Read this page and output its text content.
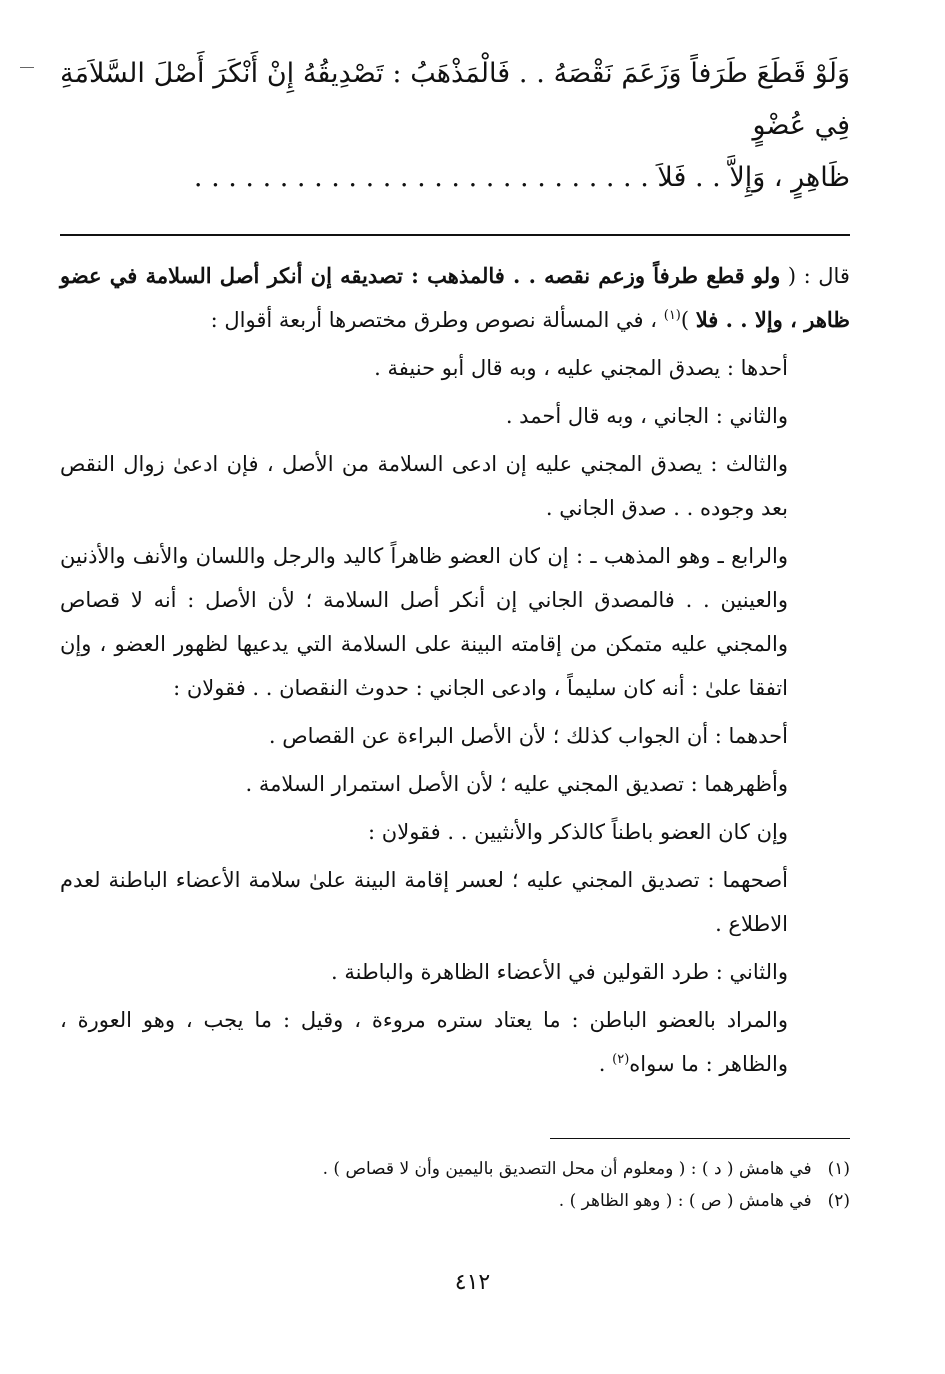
وَلَوْ قَطَعَ طَرَفاً وَزَعَمَ نَقْصَهُ . . فَالْمَذْهَبُ : تَصْدِيقُهُ إِنْ أَنْكَرَ أَصْلَ السَّلاَمَةِ فِي عُضْوٍ
ظَاهِرٍ ، وَإِلاَّ . . فَلاَ . . . . . . . . . . . . . . . . . . . . . . . . . . .

قال : ( ولو قطع طرفاً وزعم نقصه . . فالمذهب : تصديقه إن أنكر أصل السلامة في عضو ظاهر ، وإلا . . فلا )$^{(١)}$ ، في المسألة نصوص وطرق مختصرها أربعة أقوال :

أحدها : يصدق المجني عليه ، وبه قال أبو حنيفة .

والثاني : الجاني ، وبه قال أحمد .

والثالث : يصدق المجني عليه إن ادعى السلامة من الأصل ، فإن ادعىٰ زوال النقص بعد وجوده . . صدق الجاني .

والرابع ـ وهو المذهب ـ : إن كان العضو ظاهراً كاليد والرجل واللسان والأنف والأذنين والعينين . . فالمصدق الجاني إن أنكر أصل السلامة ؛ لأن الأصل : أنه لا قصاص والمجني عليه متمكن من إقامته البينة على السلامة التي يدعيها لظهور العضو ، وإن اتفقا علىٰ : أنه كان سليماً ، وادعى الجاني : حدوث النقصان . . فقولان :

أحدهما : أن الجواب كذلك ؛ لأن الأصل البراءة عن القصاص .

وأظهرهما : تصديق المجني عليه ؛ لأن الأصل استمرار السلامة .

وإن كان العضو باطناً كالذكر والأنثيين . . فقولان :

أصحهما : تصديق المجني عليه ؛ لعسر إقامة البينة علىٰ سلامة الأعضاء الباطنة لعدم الاطلاع .

والثاني : طرد القولين في الأعضاء الظاهرة والباطنة .

والمراد بالعضو الباطن : ما يعتاد ستره مروءة ، وقيل : ما يجب ، وهو العورة ، والظاهر : ما سواه$^{(٢)}$ .

(١)في هامش ( د ) : ( ومعلوم أن محل التصديق باليمين وأن لا قصاص ) .
(٢)في هامش ( ص ) : ( وهو الظاهر ) .
٤١٢
